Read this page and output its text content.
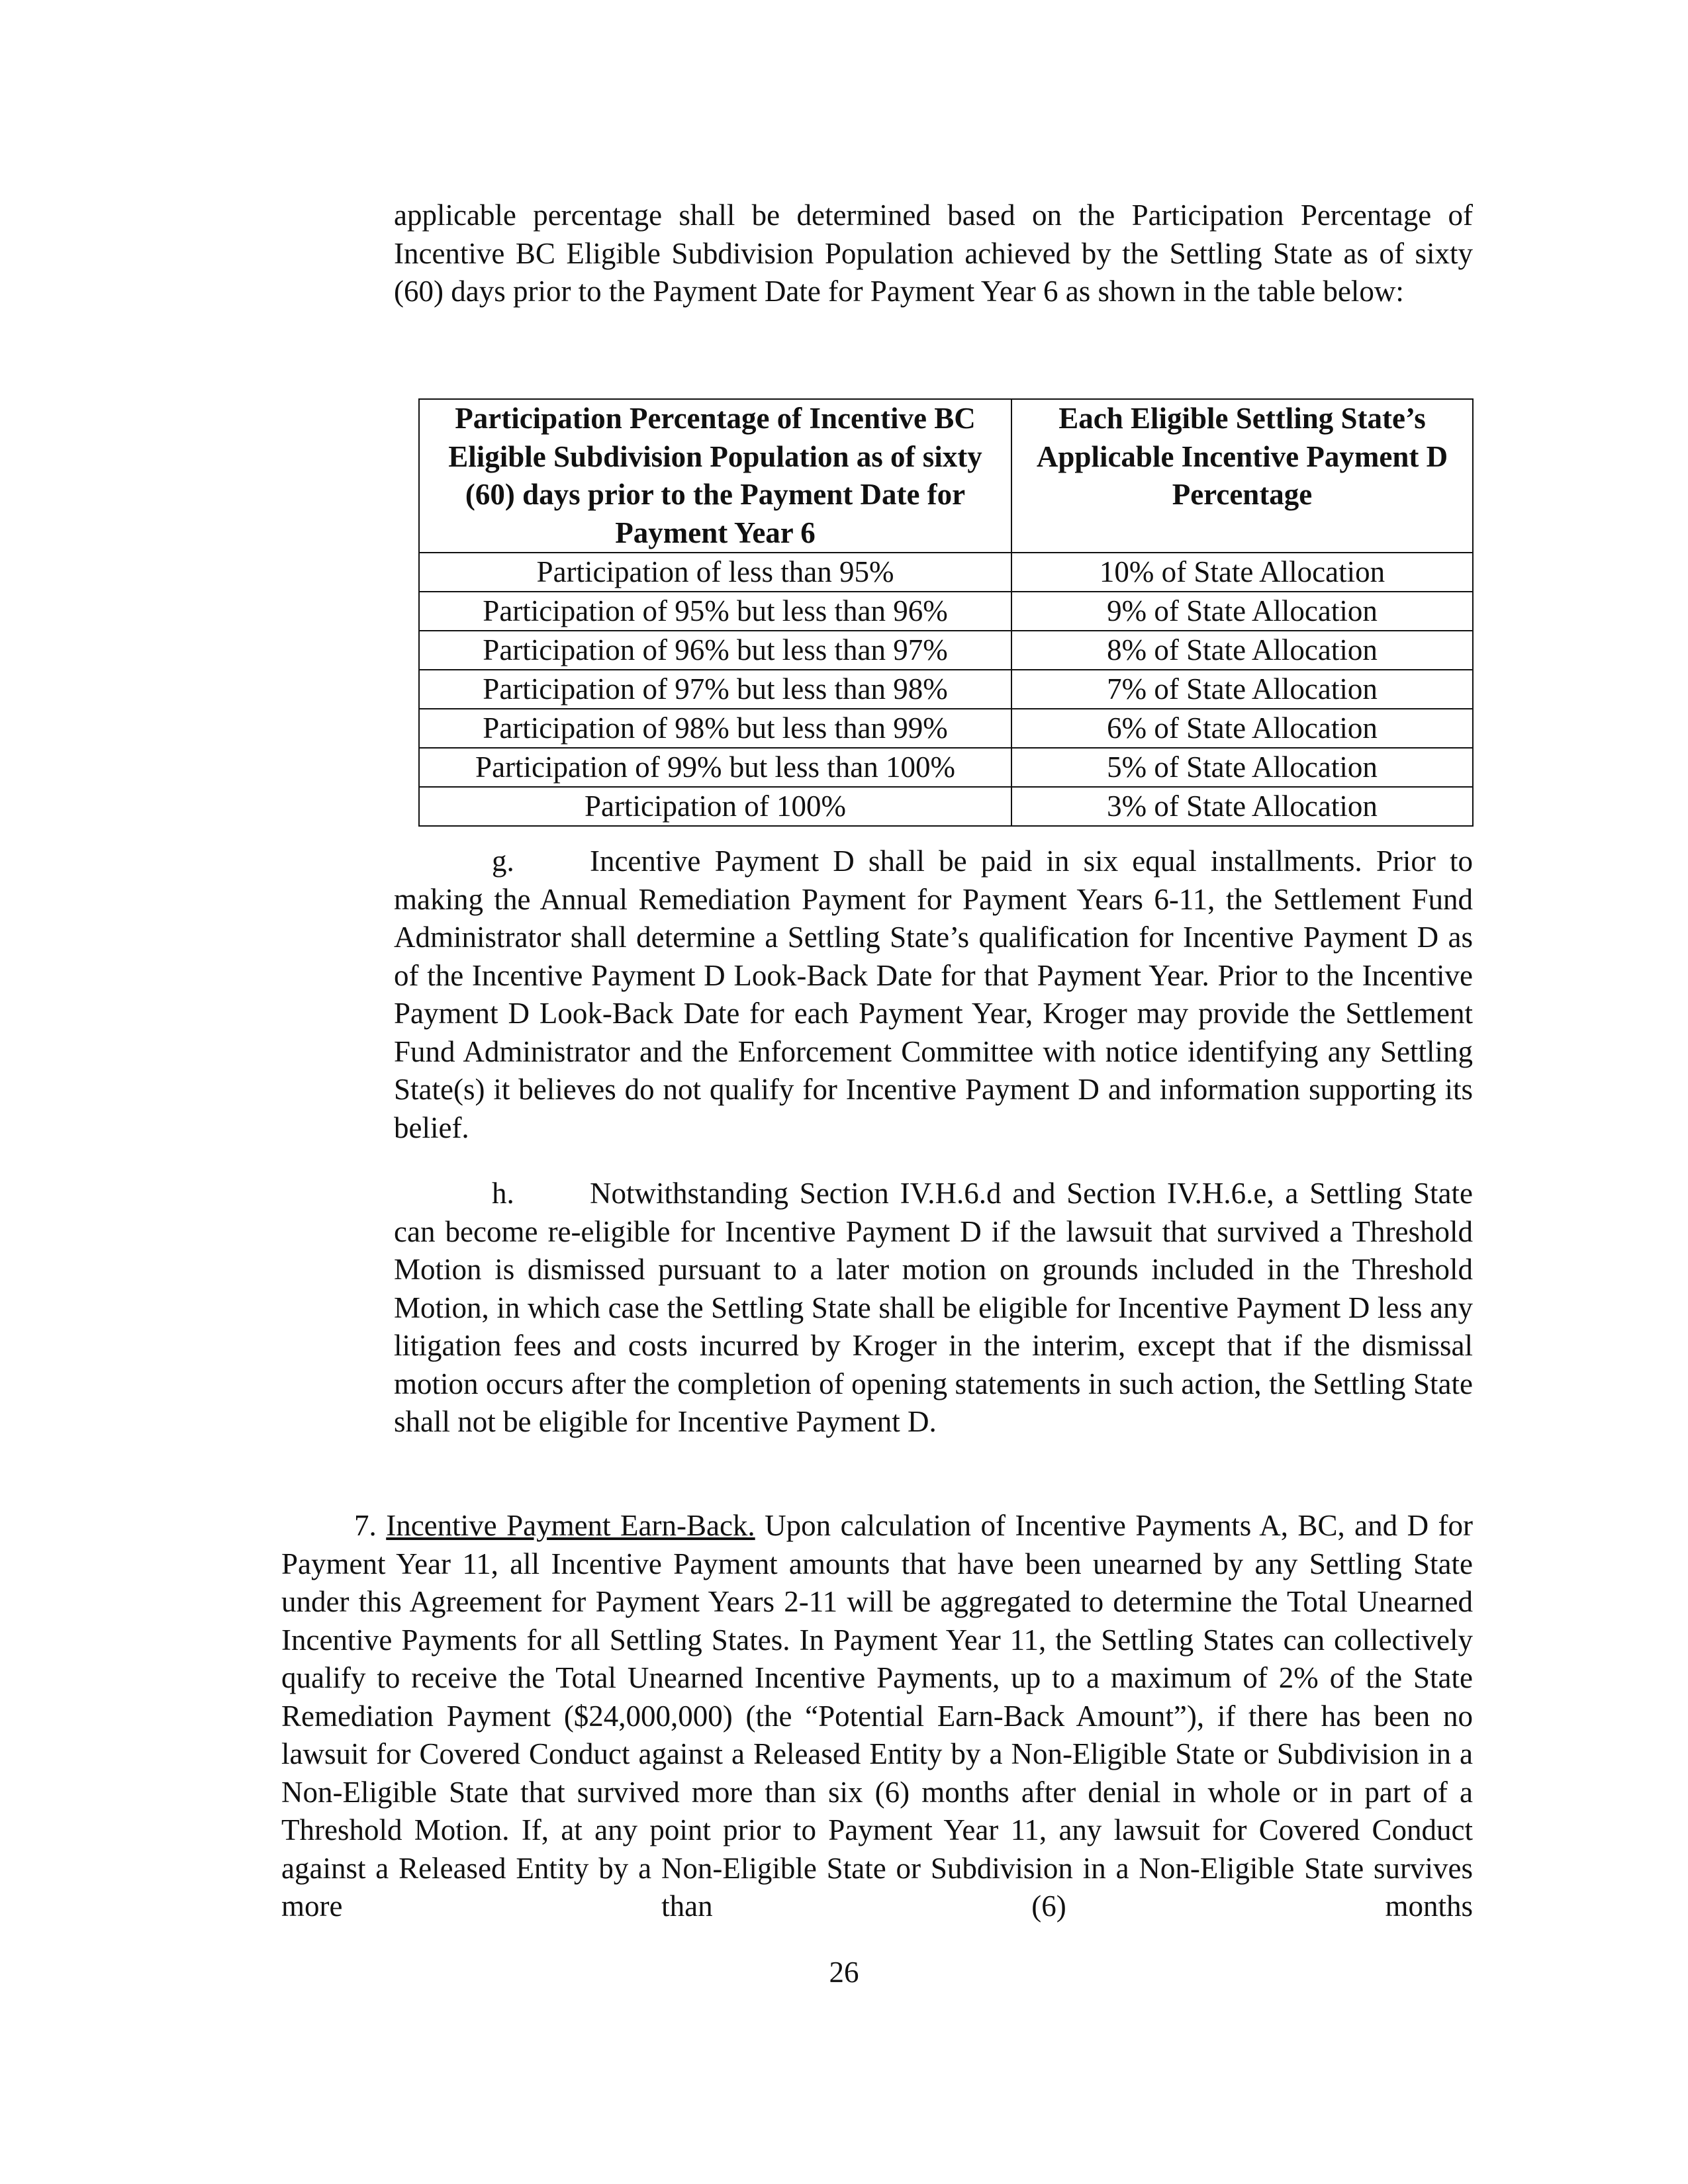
applicable percentage shall be determined based on the Participation Percentage of Incentive BC Eligible Subdivision Population achieved by the Settling State as of sixty (60) days prior to the Payment Date for Payment Year 6 as shown in the table below:
Participation Percentage of Incentive BC Eligible Subdivision Population as of sixty (60) days prior to the Payment Date for Payment Year 6	Each Eligible Settling State’s Applicable Incentive Payment D Percentage
Participation of less than 95%	10% of State Allocation
Participation of 95% but less than 96%	9% of State Allocation
Participation of 96% but less than 97%	8% of State Allocation
Participation of 97% but less than 98%	7% of State Allocation
Participation of 98% but less than 99%	6% of State Allocation
Participation of 99% but less than 100%	5% of State Allocation
Participation of 100%	3% of State Allocation
g.	Incentive Payment D shall be paid in six equal installments. Prior to making the Annual Remediation Payment for Payment Years 6-11, the Settlement Fund Administrator shall determine a Settling State’s qualification for Incentive Payment D as of the Incentive Payment D Look-Back Date for that Payment Year. Prior to the Incentive Payment D Look-Back Date for each Payment Year, Kroger may provide the Settlement Fund Administrator and the Enforcement Committee with notice identifying any Settling State(s) it believes do not qualify for Incentive Payment D and information supporting its belief.
h.	Notwithstanding Section IV.H.6.d and Section IV.H.6.e, a Settling State can become re-eligible for Incentive Payment D if the lawsuit that survived a Threshold Motion is dismissed pursuant to a later motion on grounds included in the Threshold Motion, in which case the Settling State shall be eligible for Incentive Payment D less any litigation fees and costs incurred by Kroger in the interim, except that if the dismissal motion occurs after the completion of opening statements in such action, the Settling State shall not be eligible for Incentive Payment D.
7. Incentive Payment Earn-Back. Upon calculation of Incentive Payments A, BC, and D for Payment Year 11, all Incentive Payment amounts that have been unearned by any Settling State under this Agreement for Payment Years 2-11 will be aggregated to determine the Total Unearned Incentive Payments for all Settling States. In Payment Year 11, the Settling States can collectively qualify to receive the Total Unearned Incentive Payments, up to a maximum of 2% of the State Remediation Payment ($24,000,000) (the “Potential Earn-Back Amount”), if there has been no lawsuit for Covered Conduct against a Released Entity by a Non-Eligible State or Subdivision in a Non-Eligible State that survived more than six (6) months after denial in whole or in part of a Threshold Motion. If, at any point prior to Payment Year 11, any lawsuit for Covered Conduct against a Released Entity by a Non-Eligible State or Subdivision in a Non-Eligible State survives more than (6) months
26
